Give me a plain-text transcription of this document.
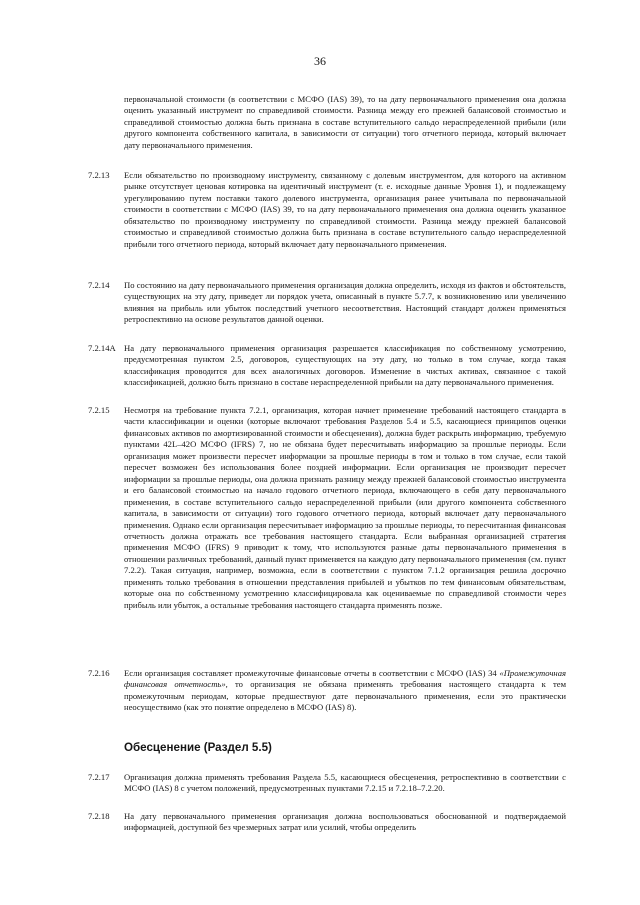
36
первоначальной стоимости (в соответствии с МСФО (IAS) 39), то на дату первоначального применения она должна оценить указанный инструмент по справедливой стоимости. Разница между его прежней балансовой стоимостью и справедливой стоимостью должна быть признана в составе вступительного сальдо нераспределенной прибыли (или другого компонента собственного капитала, в зависимости от ситуации) того отчетного периода, который включает дату первоначального применения.
7.2.13 Если обязательство по производному инструменту, связанному с долевым инструментом, для которого на активном рынке отсутствует ценовая котировка на идентичный инструмент (т. е. исходные данные Уровня 1), и подлежащему урегулированию путем поставки такого долевого инструмента, организация ранее учитывала по первоначальной стоимости в соответствии с МСФО (IAS) 39, то на дату первоначального применения она должна оценить указанное обязательство по производному инструменту по справедливой стоимости. Разница между прежней балансовой стоимостью и справедливой стоимостью должна быть признана в составе вступительного сальдо нераспределенной прибыли того отчетного периода, который включает дату первоначального применения.
7.2.14 По состоянию на дату первоначального применения организация должна определить, исходя из фактов и обстоятельств, существующих на эту дату, приведет ли порядок учета, описанный в пункте 5.7.7, к возникновению или увеличению влияния на прибыль или убыток последствий учетного несоответствия. Настоящий стандарт должен применяться ретроспективно на основе результатов данной оценки.
7.2.14A На дату первоначального применения организация разрешается классификация по собственному усмотрению, предусмотренная пунктом 2.5, договоров, существующих на эту дату, но только в том случае, когда такая классификация проводится для всех аналогичных договоров. Изменение в чистых активах, связанное с такой классификацией, должно быть признано в составе нераспределенной прибыли на дату первоначального применения.
7.2.15 Несмотря на требование пункта 7.2.1, организация, которая начнет применение требований настоящего стандарта в части классификации и оценки (которые включают требования Разделов 5.4 и 5.5, касающиеся принципов оценки финансовых активов по амортизированной стоимости и обесценения), должна будет раскрыть информацию, требуемую пунктами 42L–42O МСФО (IFRS) 7, но не обязана будет пересчитывать информацию за прошлые периоды. Если организация может произвести пересчет информации за прошлые периоды в том и только в том случае, если такой пересчет возможен без использования более поздней информации. Если организация не производит пересчет информации за прошлые периоды, она должна признать разницу между прежней балансовой стоимостью инструмента и его балансовой стоимостью на начало годового отчетного периода, включающего в себя дату первоначального применения, в составе вступительного сальдо нераспределенной прибыли (или другого компонента собственного капитала, в зависимости от ситуации) того годового отчетного периода, который включает дату первоначального применения. Однако если организация пересчитывает информацию за прошлые периоды, то пересчитанная финансовая отчетность должна отражать все требования настоящего стандарта. Если выбранная организацией стратегия применения МСФО (IFRS) 9 приводит к тому, что используются разные даты первоначального применения в отношении различных требований, данный пункт применяется на каждую дату первоначального применения (см. пункт 7.2.2). Такая ситуация, например, возможна, если в соответствии с пунктом 7.1.2 организация решила досрочно применять только требования в отношении представления прибылей и убытков по тем финансовым обязательствам, которые она по собственному усмотрению классифицировала как оцениваемые по справедливой стоимости через прибыль или убыток, а остальные требования настоящего стандарта применять позже.
7.2.16 Если организация составляет промежуточные финансовые отчеты в соответствии с МСФО (IAS) 34 «Промежуточная финансовая отчетность», то организация не обязана применять требования настоящего стандарта к тем промежуточным периодам, которые предшествуют дате первоначального применения, если это практически неосуществимо (как это понятие определено в МСФО (IAS) 8).
Обесценение (Раздел 5.5)
7.2.17 Организация должна применять требования Раздела 5.5, касающиеся обесценения, ретроспективно в соответствии с МСФО (IAS) 8 с учетом положений, предусмотренных пунктами 7.2.15 и 7.2.18–7.2.20.
7.2.18 На дату первоначального применения организация должна воспользоваться обоснованной и подтверждаемой информацией, доступной без чрезмерных затрат или усилий, чтобы определить
